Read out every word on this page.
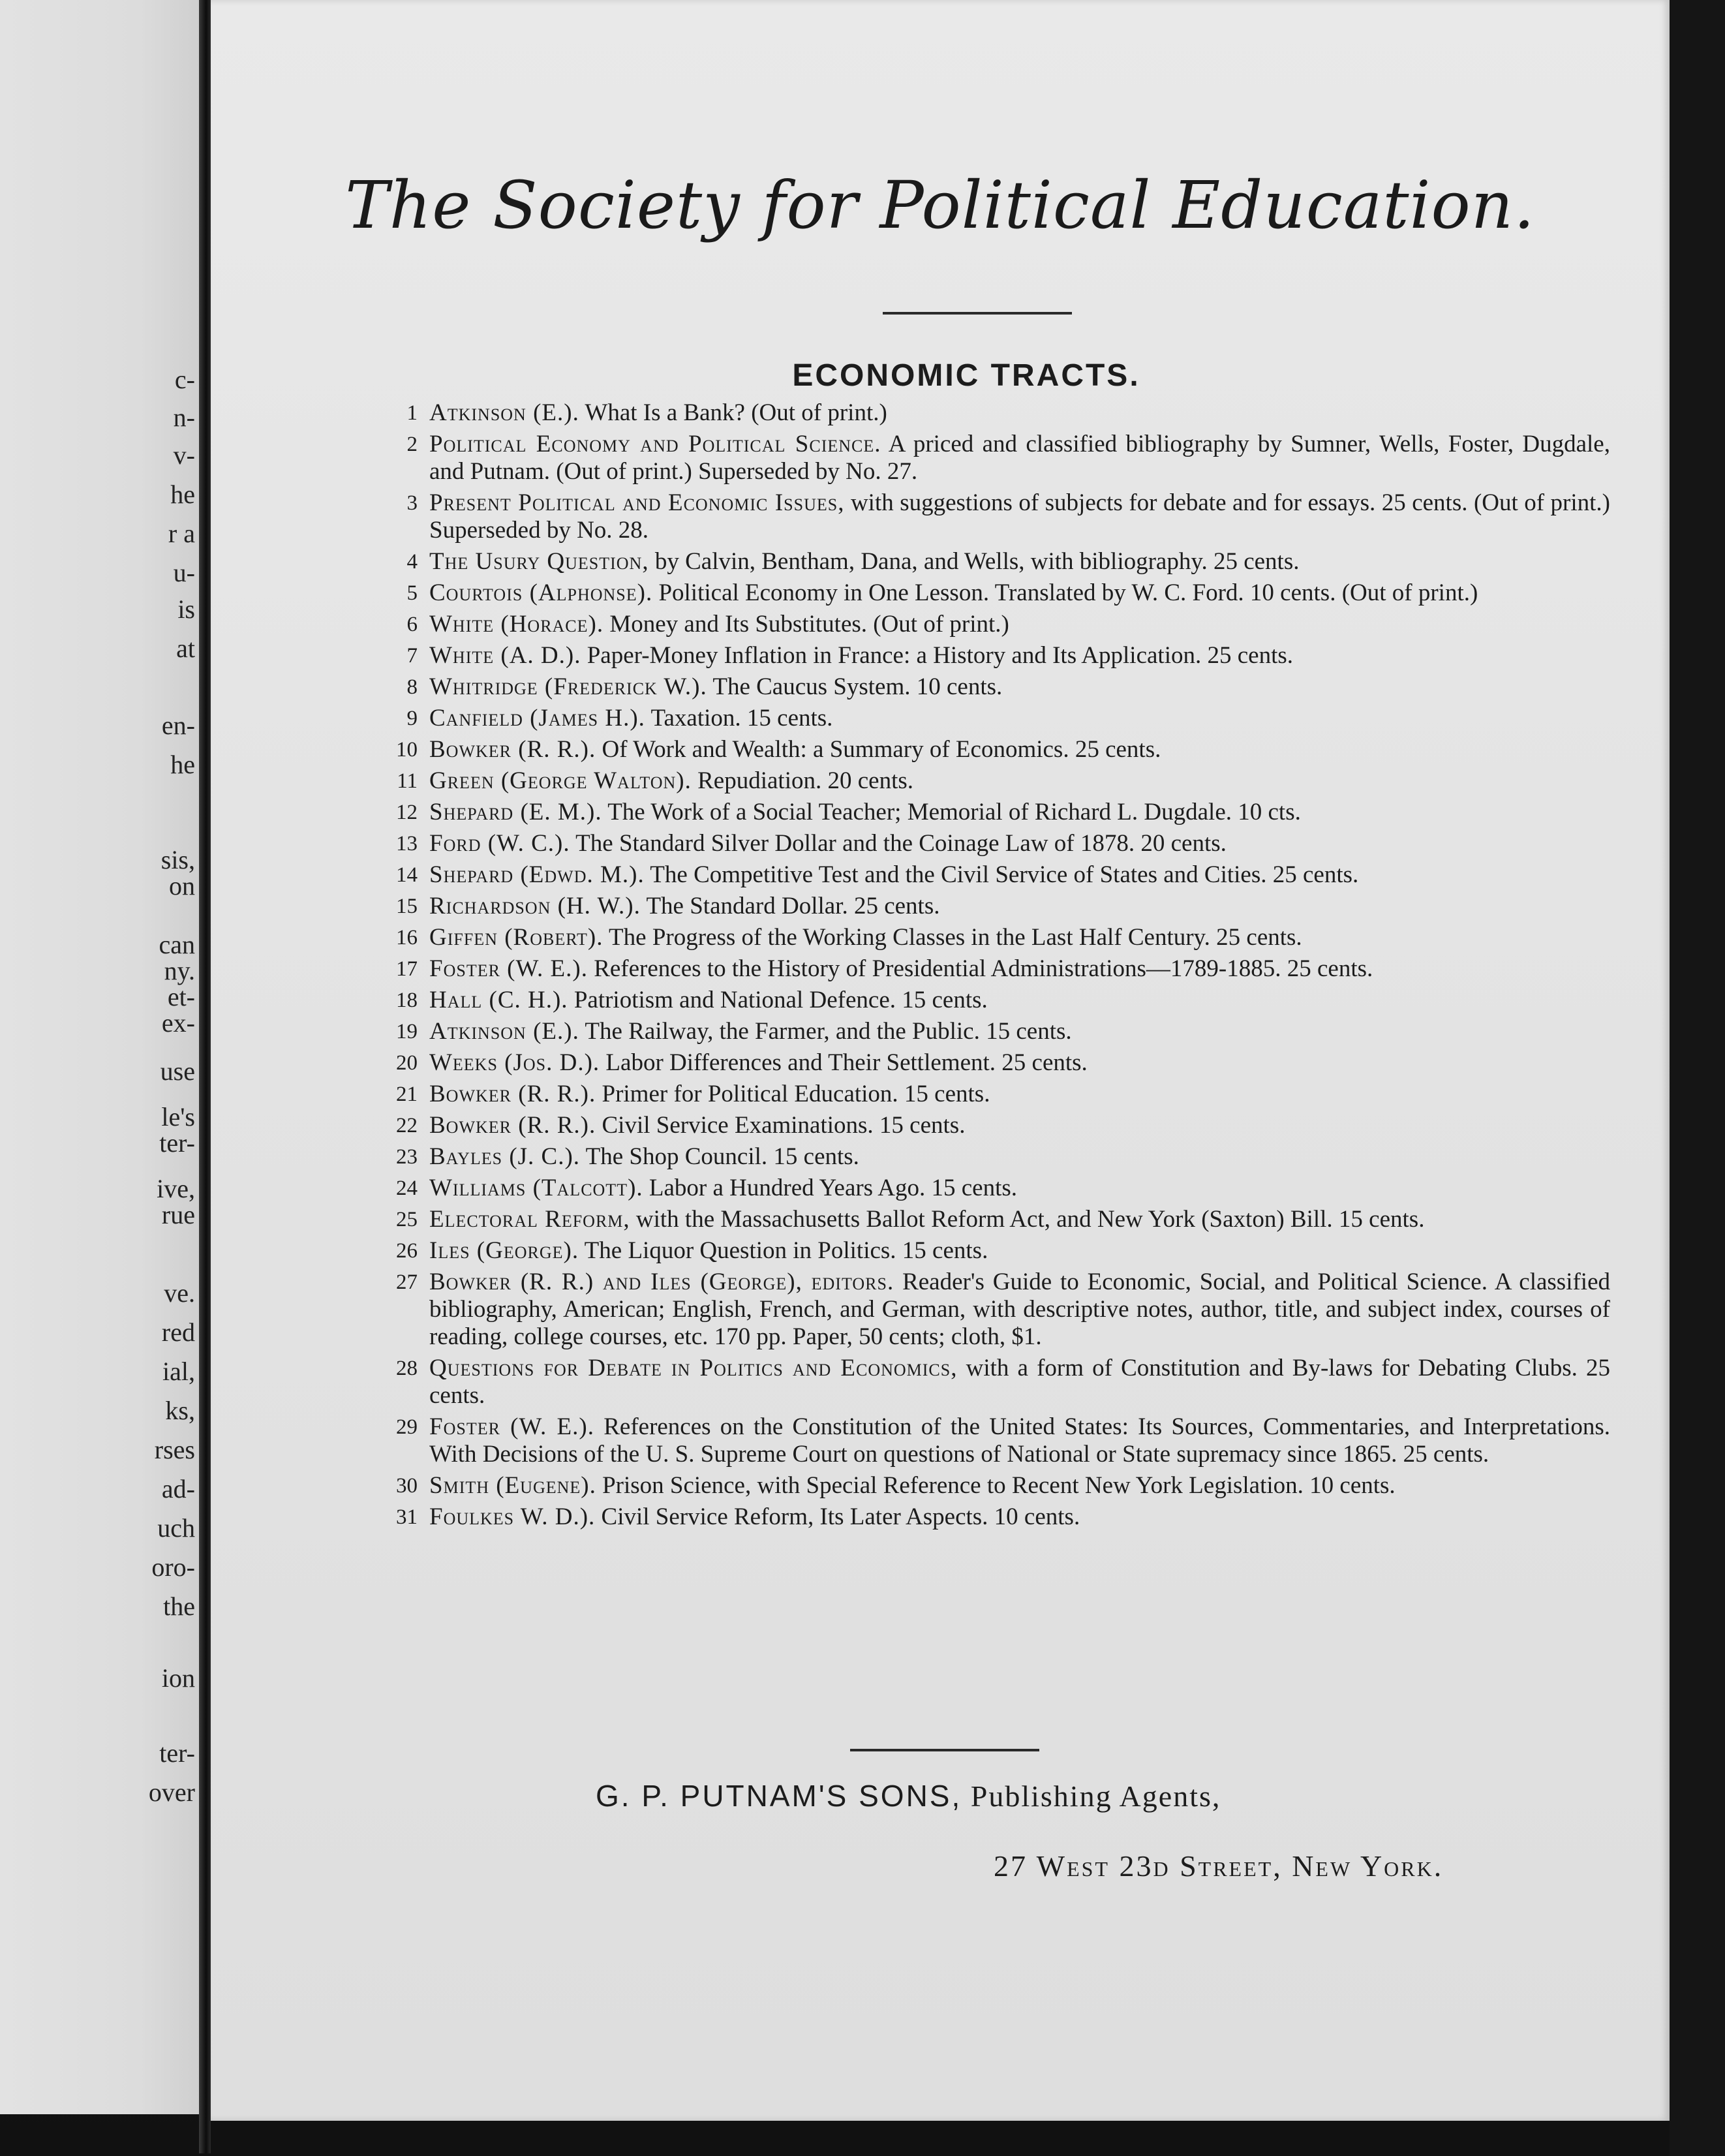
c-
n-
v-
he
r a
u-
is
at
en-
he
sis,
on
can
ny.
et-
ex-
use
le's
ter-
ive,
rue
ve.
red
ial,
ks,
rses
ad-
uch
oro-
the
ion
ter-
over
The Society for Political Education.
ECONOMIC TRACTS.
1 Atkinson (E.). What Is a Bank? (Out of print.)
2 Political Economy and Political Science. A priced and classified bibliography by Sumner, Wells, Foster, Dugdale, and Putnam. (Out of print.) Superseded by No. 27.
3 Present Political and Economic Issues, with suggestions of subjects for debate and for essays. 25 cents. (Out of print.) Superseded by No. 28.
4 The Usury Question, by Calvin, Bentham, Dana, and Wells, with bibliography. 25 cents.
5 Courtois (Alphonse). Political Economy in One Lesson. Translated by W. C. Ford. 10 cents. (Out of print.)
6 White (Horace). Money and Its Substitutes. (Out of print.)
7 White (A. D.). Paper-Money Inflation in France: a History and Its Application. 25 cents.
8 Whitridge (Frederick W.). The Caucus System. 10 cents.
9 Canfield (James H.). Taxation. 15 cents.
10 Bowker (R. R.). Of Work and Wealth: a Summary of Economics. 25 cents.
11 Green (George Walton). Repudiation. 20 cents.
12 Shepard (E. M.). The Work of a Social Teacher; Memorial of Richard L. Dugdale. 10 cts.
13 Ford (W. C.). The Standard Silver Dollar and the Coinage Law of 1878. 20 cents.
14 Shepard (Edwd. M.). The Competitive Test and the Civil Service of States and Cities. 25 cents.
15 Richardson (H. W.). The Standard Dollar. 25 cents.
16 Giffen (Robert). The Progress of the Working Classes in the Last Half Century. 25 cents.
17 Foster (W. E.). References to the History of Presidential Administrations—1789-1885. 25 cents.
18 Hall (C. H.). Patriotism and National Defence. 15 cents.
19 Atkinson (E.). The Railway, the Farmer, and the Public. 15 cents.
20 Weeks (Jos. D.). Labor Differences and Their Settlement. 25 cents.
21 Bowker (R. R.). Primer for Political Education. 15 cents.
22 Bowker (R. R.). Civil Service Examinations. 15 cents.
23 Bayles (J. C.). The Shop Council. 15 cents.
24 Williams (Talcott). Labor a Hundred Years Ago. 15 cents.
25 Electoral Reform, with the Massachusetts Ballot Reform Act, and New York (Saxton) Bill. 15 cents.
26 Iles (George). The Liquor Question in Politics. 15 cents.
27 Bowker (R. R.) and Iles (George), editors. Reader's Guide to Economic, Social, and Political Science. A classified bibliography, American; English, French, and German, with descriptive notes, author, title, and subject index, courses of reading, college courses, etc. 170 pp. Paper, 50 cents; cloth, $1.
28 Questions for Debate in Politics and Economics, with a form of Constitution and By-laws for Debating Clubs. 25 cents.
29 Foster (W. E.). References on the Constitution of the United States: Its Sources, Commentaries, and Interpretations. With Decisions of the U. S. Supreme Court on questions of National or State supremacy since 1865. 25 cents.
30 Smith (Eugene). Prison Science, with Special Reference to Recent New York Legislation. 10 cents.
31 Foulkes W. D.). Civil Service Reform, Its Later Aspects. 10 cents.
G. P. PUTNAM'S SONS, Publishing Agents,
27 West 23d Street, New York.
